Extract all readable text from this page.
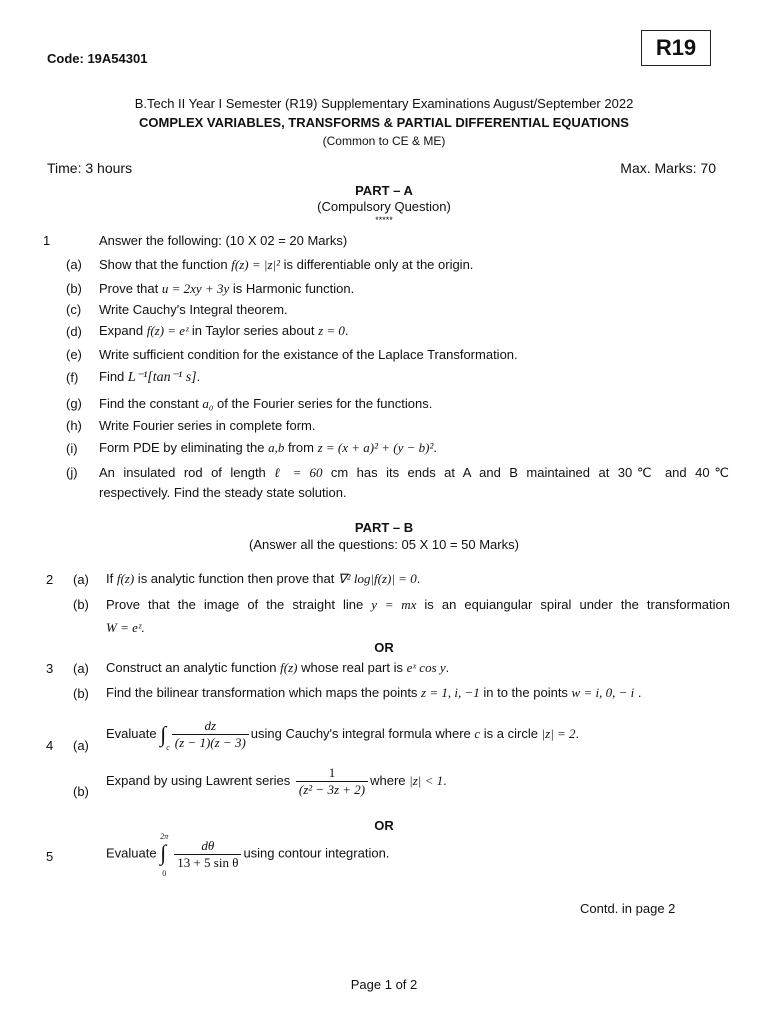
Code: 19A54301	R19
B.Tech II Year I Semester (R19) Supplementary Examinations August/September 2022
COMPLEX VARIABLES, TRANSFORMS & PARTIAL DIFFERENTIAL EQUATIONS
(Common to CE & ME)
Time: 3 hours	Max. Marks: 70
PART – A
(Compulsory Question)
*****
1	Answer the following: (10 X 02 = 20 Marks)
(a) Show that the function f(z) = |z|² is differentiable only at the origin.
(b) Prove that u = 2xy + 3y is Harmonic function.
(c) Write Cauchy's Integral theorem.
(d) Expand f(z) = eᶻ in Taylor series about z = 0.
(e) Write sufficient condition for the existance of the Laplace Transformation.
(f) Find L⁻¹[tan⁻¹ s].
(g) Find the constant a₀ of the Fourier series for the functions.
(h) Write Fourier series in complete form.
(i) Form PDE by eliminating the a,b from z = (x + a)² + (y − b)².
(j) An insulated rod of length ℓ = 60 cm has its ends at A and B maintained at 30℃ and 40℃
respectively. Find the steady state solution.
PART – B
(Answer all the questions: 05 X 10 = 50 Marks)
2 (a) If f(z) is analytic function then prove that ∇² log|f(z)| = 0.
(b) Prove that the image of the straight line y = mx is an equiangular spiral under the transformation
W = eᶻ.
OR
3 (a) Construct an analytic function f(z) whose real part is eˣ cos y.
(b) Find the bilinear transformation which maps the points z = 1, i, −1 in to the points w = i, 0, − i .
4 (a)
Evaluate $\int_c \frac{dz}{(z - 1)(z - 3)}$ using Cauchy's integral formula where c is a circle |z| = 2.
(b)
Expand by using Lawrent series $\frac{1}{\text{(z² − 3z + 2)}}$ where |z| < 1.
OR
5	Evaluate
2π
∫
0
$\frac{d\theta}{\text{13 + 5 sin θ}}$ using contour integration.
Contd. in page 2
Page 1 of 2
